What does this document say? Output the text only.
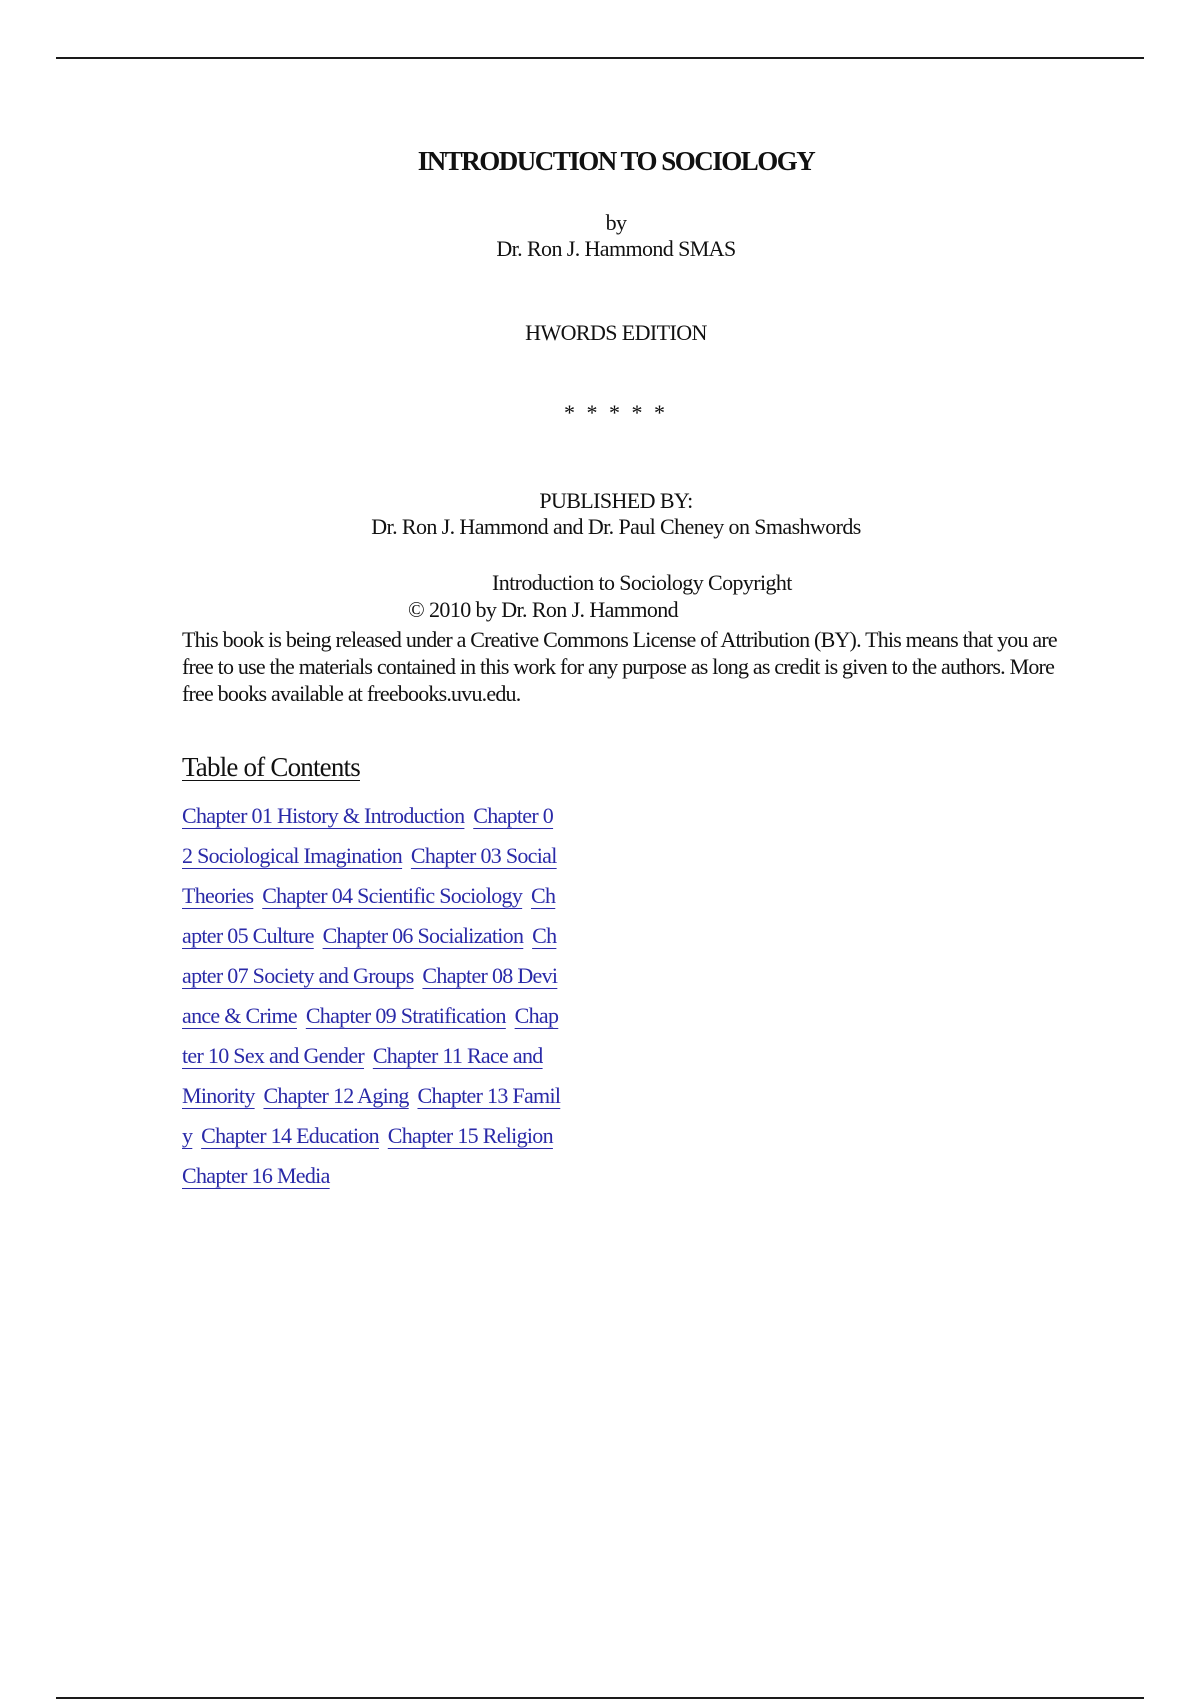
INTRODUCTION TO SOCIOLOGY
by
Dr. Ron J. Hammond SMAS
HWORDS EDITION
* * * * *
PUBLISHED BY:
Dr. Ron J. Hammond and Dr. Paul Cheney on Smashwords
Introduction to Sociology Copyright
© 2010 by Dr. Ron J. Hammond
This book is being released under a Creative Commons License of Attribution (BY). This means that you are free to use the materials contained in this work for any purpose as long as credit is given to the authors. More free books available at freebooks.uvu.edu.
Table of Contents
Chapter 01 History & Introduction Chapter 02 Sociological Imagination Chapter 03 Social Theories Chapter 04 Scientific Sociology Chapter 05 Culture Chapter 06 Socialization Chapter 07 Society and Groups Chapter 08 Deviance & Crime Chapter 09 Stratification Chapter 10 Sex and Gender Chapter 11 Race and Minority Chapter 12 Aging Chapter 13 Family Chapter 14 Education Chapter 15 Religion Chapter 16 Media
